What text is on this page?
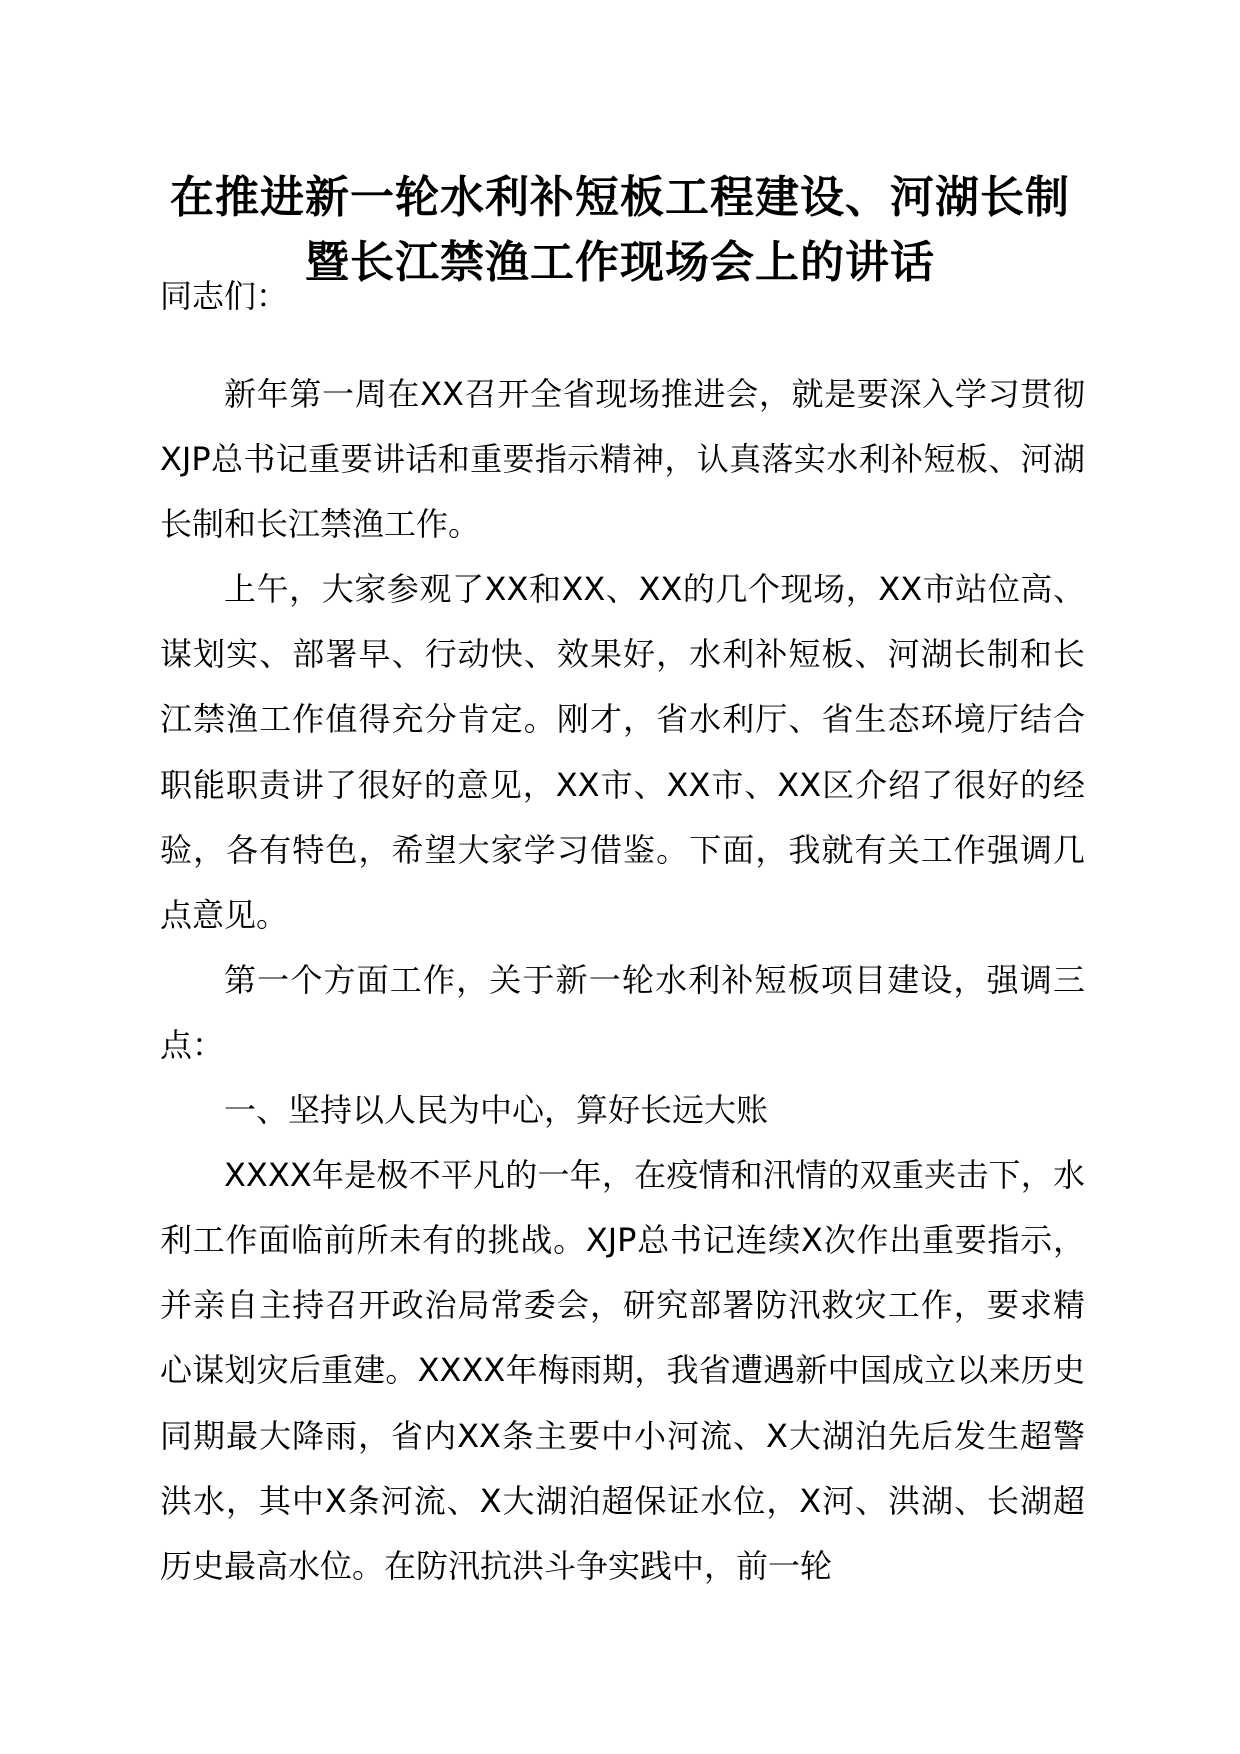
在推进新一轮水利补短板工程建设、河湖长制
暨长江禁渔工作现场会上的讲话
同志们：

新年第一周在XX召开全省现场推进会，就是要深入学习贯彻XJP总书记重要讲话和重要指示精神，认真落实水利补短板、河湖长制和长江禁渔工作。

上午，大家参观了XX和XX、XX的几个现场，XX市站位高、谋划实、部署早、行动快、效果好，水利补短板、河湖长制和长江禁渔工作值得充分肯定。刚才，省水利厅、省生态环境厅结合职能职责讲了很好的意见，XX市、XX市、XX区介绍了很好的经验，各有特色，希望大家学习借鉴。下面，我就有关工作强调几点意见。

第一个方面工作，关于新一轮水利补短板项目建设，强调三点：

一、坚持以人民为中心，算好长远大账

XXXX年是极不平凡的一年，在疫情和汛情的双重夹击下，水利工作面临前所未有的挑战。XJP总书记连续X次作出重要指示，并亲自主持召开政治局常委会，研究部署防汛救灾工作，要求精心谋划灾后重建。XXXX年梅雨期，我省遭遇新中国成立以来历史同期最大降雨，省内XX条主要中小河流、X大湖泊先后发生超警洪水，其中X条河流、X大湖泊超保证水位，X河、洪湖、长湖超历史最高水位。在防汛抗洪斗争实践中，前一轮
